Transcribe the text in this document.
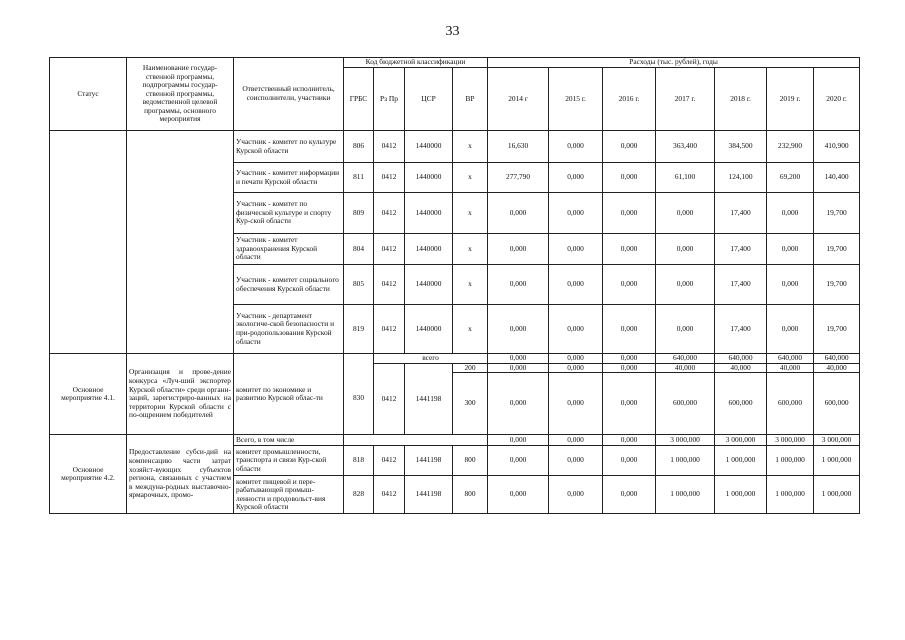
33
Статус	Наименование государ-ственной программы, подпрограммы государ-ственной программы, ведомственной целевой программы, основного мероприятия	Ответственный исполнитель, соисполнители, участники	Код бюджетной классификации				Расходы (тыс. рублей), годы						
			ГРБС	Рз Пр	ЦСР	ВР	2014 г	2015 г.	2016 г.	2017 г.	2018 г.	2019 г.	2020 г.
		Участник - комитет по культуре Курской области	806	0412	1440000	х	16,630	0,000	0,000	363,400	384,500	232,900	410,900
		Участник - комитет информации и печати Курской области	811	0412	1440000	х	277,790	0,000	0,000	61,100	124,100	69,200	140,400
		Участник - комитет по физической культуре и спорту Кур-ской области	809	0412	1440000	х	0,000	0,000	0,000	0,000	17,400	0,000	19,700
		Участник - комитет здравоохранения Курской области	804	0412	1440000	х	0,000	0,000	0,000	0,000	17,400	0,000	19,700
		Участник - комитет социального обеспечения Курской области	805	0412	1440000	х	0,000	0,000	0,000	0,000	17,400	0,000	19,700
		Участник - департамент экологиче-ской безопасности и при-родопользования Курской области	819	0412	1440000	х	0,000	0,000	0,000	0,000	17,400	0,000	19,700
Основное мероприятие 4.1.	Организация и прове-дение конкурса «Луч-ший экспортер Курской области» среди органи-заций, зарегистриро-ванных на территории Курской области с по-ощрением победителей	комитет по экономике и развитию Курской облас-ти		всего			0,000	0,000	0,000	640,000	640,000	640,000	640,000
			830	0412	1441198	200	0,000	0,000	0,000	40,000	40,000	40,000	40,000
						300	0,000	0,000	0,000	600,000	600,000	600,000	600,000
Основное мероприятие 4.2.	Предоставление субси-дий на компенсацию части затрат хозяйст-вующих субъектов региона, связанных с участием в междуна-родных выставочно-ярмарочных, промо-	Всего, в том числе					0,000	0,000	0,000	3 000,000	3 000,000	3 000,000	3 000,000
		комитет промышленности, транспорта и связи Кур-ской области	818	0412	1441198	800	0,000	0,000	0,000	1 000,000	1 000,000	1 000,000	1 000,000
		комитет пищевой и пере-рабатывающей промыш-ленности и продовольст-вия Курской области	828	0412	1441198	800	0,000	0,000	0,000	1 000,000	1 000,000	1 000,000	1 000,000
